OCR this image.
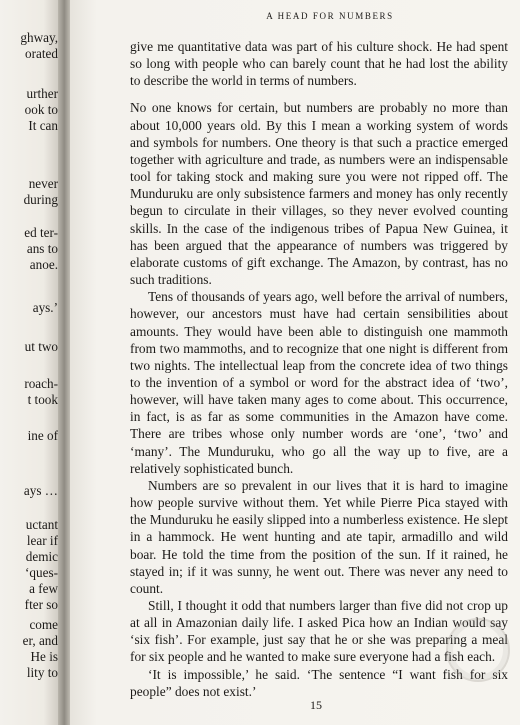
ghway,
orated
urther
ook to
It can
never
during
ed ter-
ans to
anoe.
ays.’
ut two
roach-
t took
ine of
ays …
uctant
lear if
demic
‘ques-
a few
fter so
come
er, and
He is
lity to
A HEAD FOR NUMBERS

give me quantitative data was part of his culture shock. He had spent so long with people who can barely count that he had lost the ability to describe the world in terms of numbers.

No one knows for certain, but numbers are probably no more than about 10,000 years old. By this I mean a working system of words and symbols for numbers. One theory is that such a practice emerged together with agriculture and trade, as numbers were an indispensable tool for taking stock and making sure you were not ripped off. The Munduruku are only subsistence farmers and money has only recently begun to circulate in their villages, so they never evolved counting skills. In the case of the indigenous tribes of Papua New Guinea, it has been argued that the appearance of numbers was triggered by elaborate customs of gift exchange. The Amazon, by contrast, has no such traditions.

Tens of thousands of years ago, well before the arrival of numbers, however, our ancestors must have had certain sensibilities about amounts. They would have been able to distinguish one mammoth from two mammoths, and to recognize that one night is different from two nights. The intellectual leap from the concrete idea of two things to the invention of a symbol or word for the abstract idea of ‘two’, however, will have taken many ages to come about. This occurrence, in fact, is as far as some communities in the Amazon have come. There are tribes whose only number words are ‘one’, ‘two’ and ‘many’. The Munduruku, who go all the way up to five, are a relatively sophisticated bunch.

Numbers are so prevalent in our lives that it is hard to imagine how people survive without them. Yet while Pierre Pica stayed with the Munduruku he easily slipped into a numberless existence. He slept in a hammock. He went hunting and ate tapir, armadillo and wild boar. He told the time from the position of the sun. If it rained, he stayed in; if it was sunny, he went out. There was never any need to count.

Still, I thought it odd that numbers larger than five did not crop up at all in Amazonian daily life. I asked Pica how an Indian would say ‘six fish’. For example, just say that he or she was preparing a meal for six people and he wanted to make sure everyone had a fish each.

‘It is impossible,’ he said. ‘The sentence “I want fish for six people” does not exist.’

15
